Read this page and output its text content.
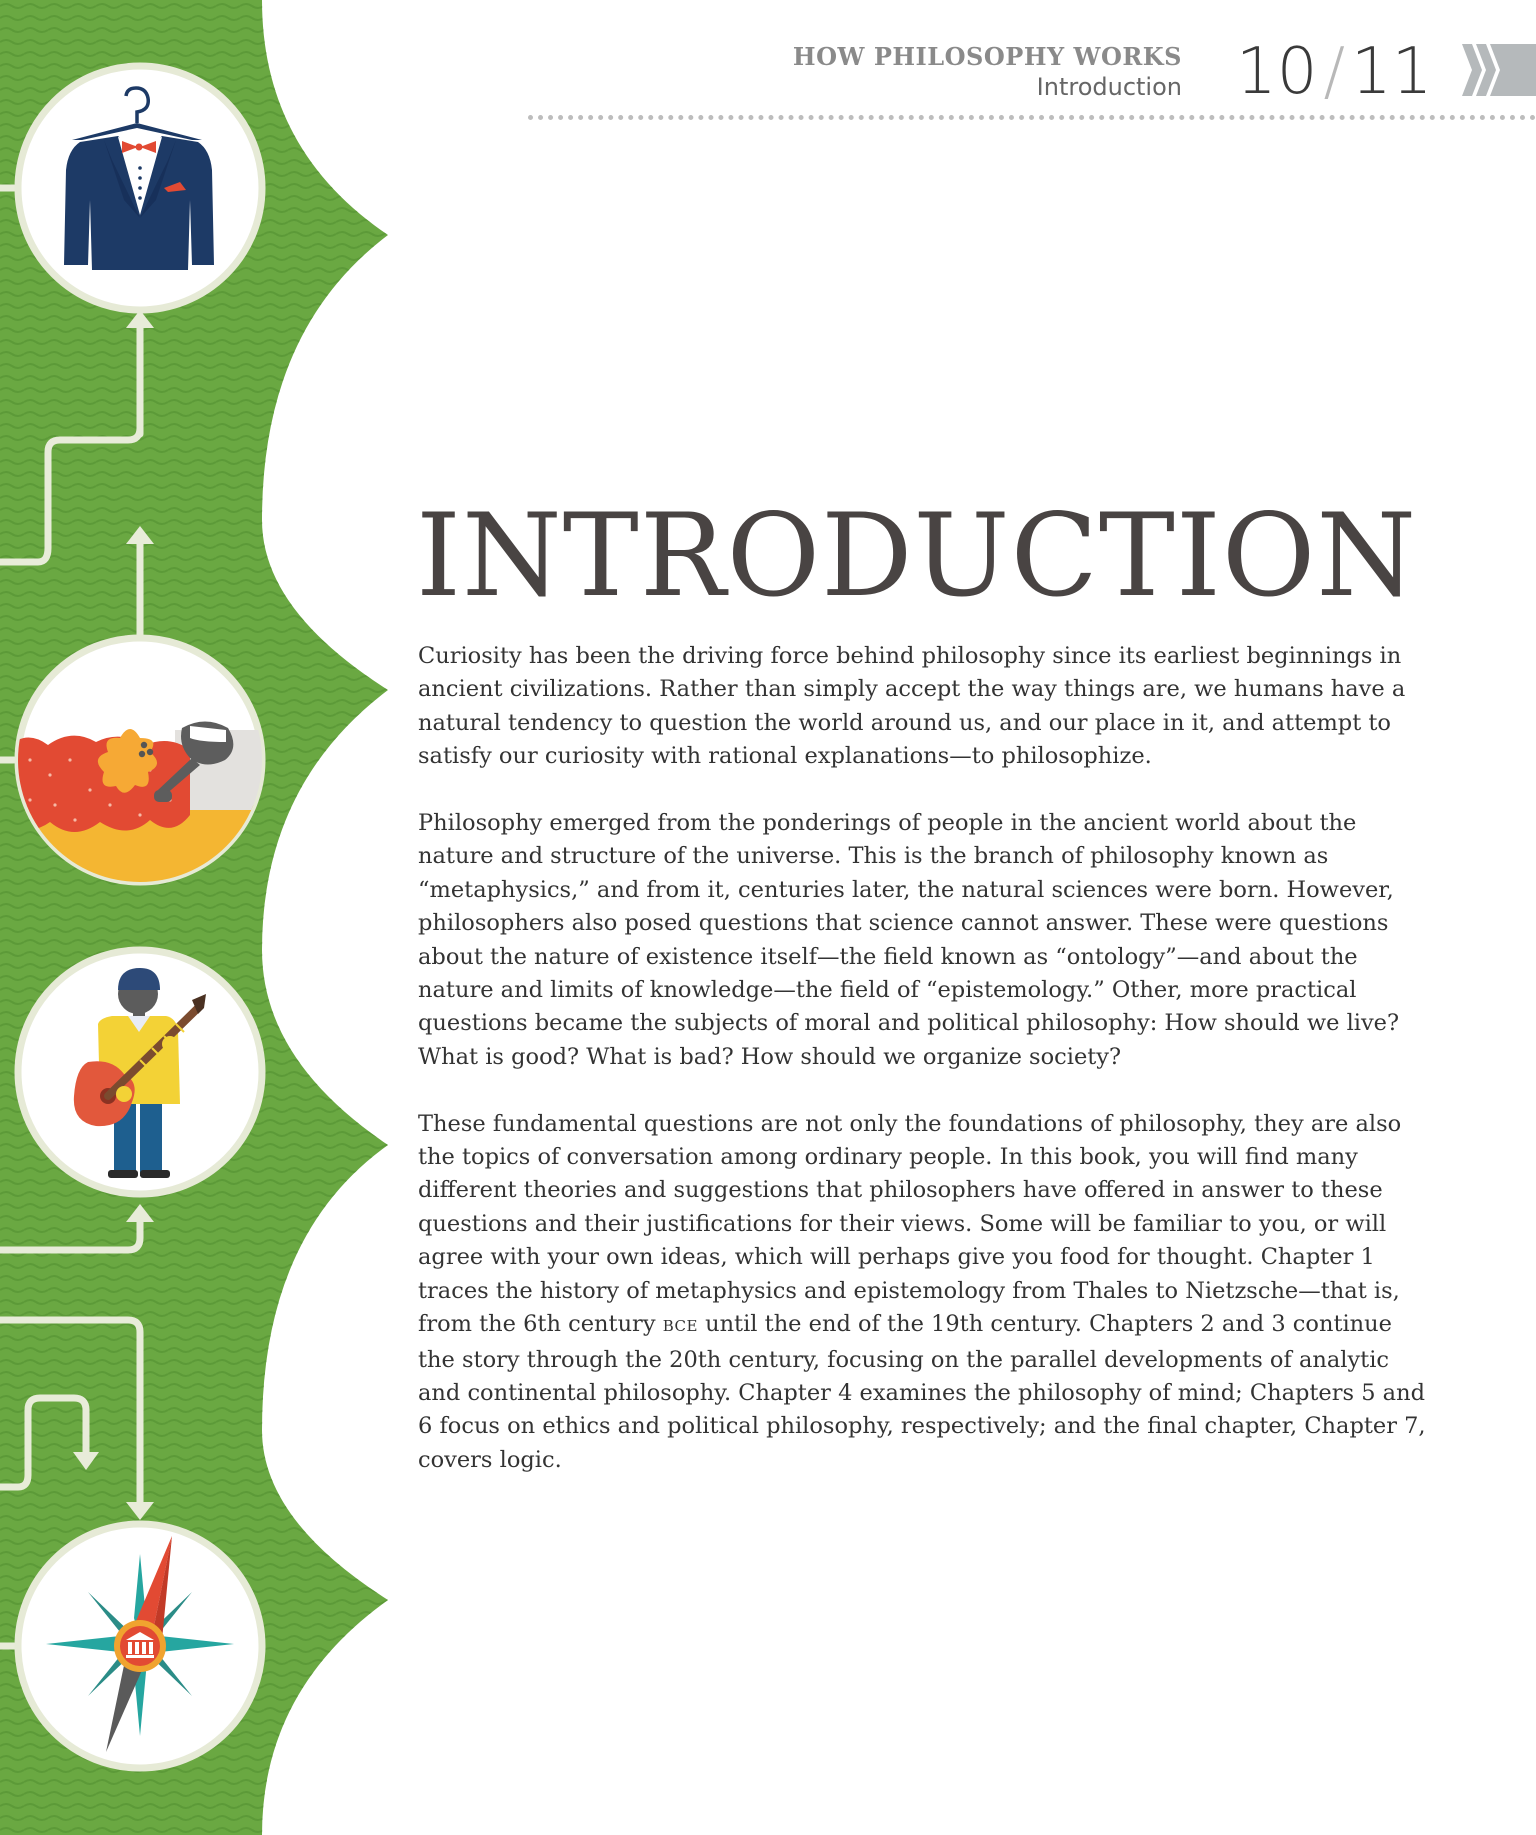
HOW PHILOSOPHY WORKS
Introduction 10/11
INTRODUCTION

Curiosity has been the driving force behind philosophy since its earliest beginnings in ancient civilizations. Rather than simply accept the way things are, we humans have a natural tendency to question the world around us, and our place in it, and attempt to satisfy our curiosity with rational explanations—to philosophize.

Philosophy emerged from the ponderings of people in the ancient world about the nature and structure of the universe. This is the branch of philosophy known as “metaphysics,” and from it, centuries later, the natural sciences were born. However, philosophers also posed questions that science cannot answer. These were questions about the nature of existence itself—the field known as “ontology”—and about the nature and limits of knowledge—the field of “epistemology.” Other, more practical questions became the subjects of moral and political philosophy: How should we live? What is good? What is bad? How should we organize society?

These fundamental questions are not only the foundations of philosophy, they are also the topics of conversation among ordinary people. In this book, you will find many different theories and suggestions that philosophers have offered in answer to these questions and their justifications for their views. Some will be familiar to you, or will agree with your own ideas, which will perhaps give you food for thought. Chapter 1 traces the history of metaphysics and epistemology from Thales to Nietzsche—that is, from the 6th century BCE until the end of the 19th century. Chapters 2 and 3 continue the story through the 20th century, focusing on the parallel developments of analytic and continental philosophy. Chapter 4 examines the philosophy of mind; Chapters 5 and 6 focus on ethics and political philosophy, respectively; and the final chapter, Chapter 7, covers logic.
